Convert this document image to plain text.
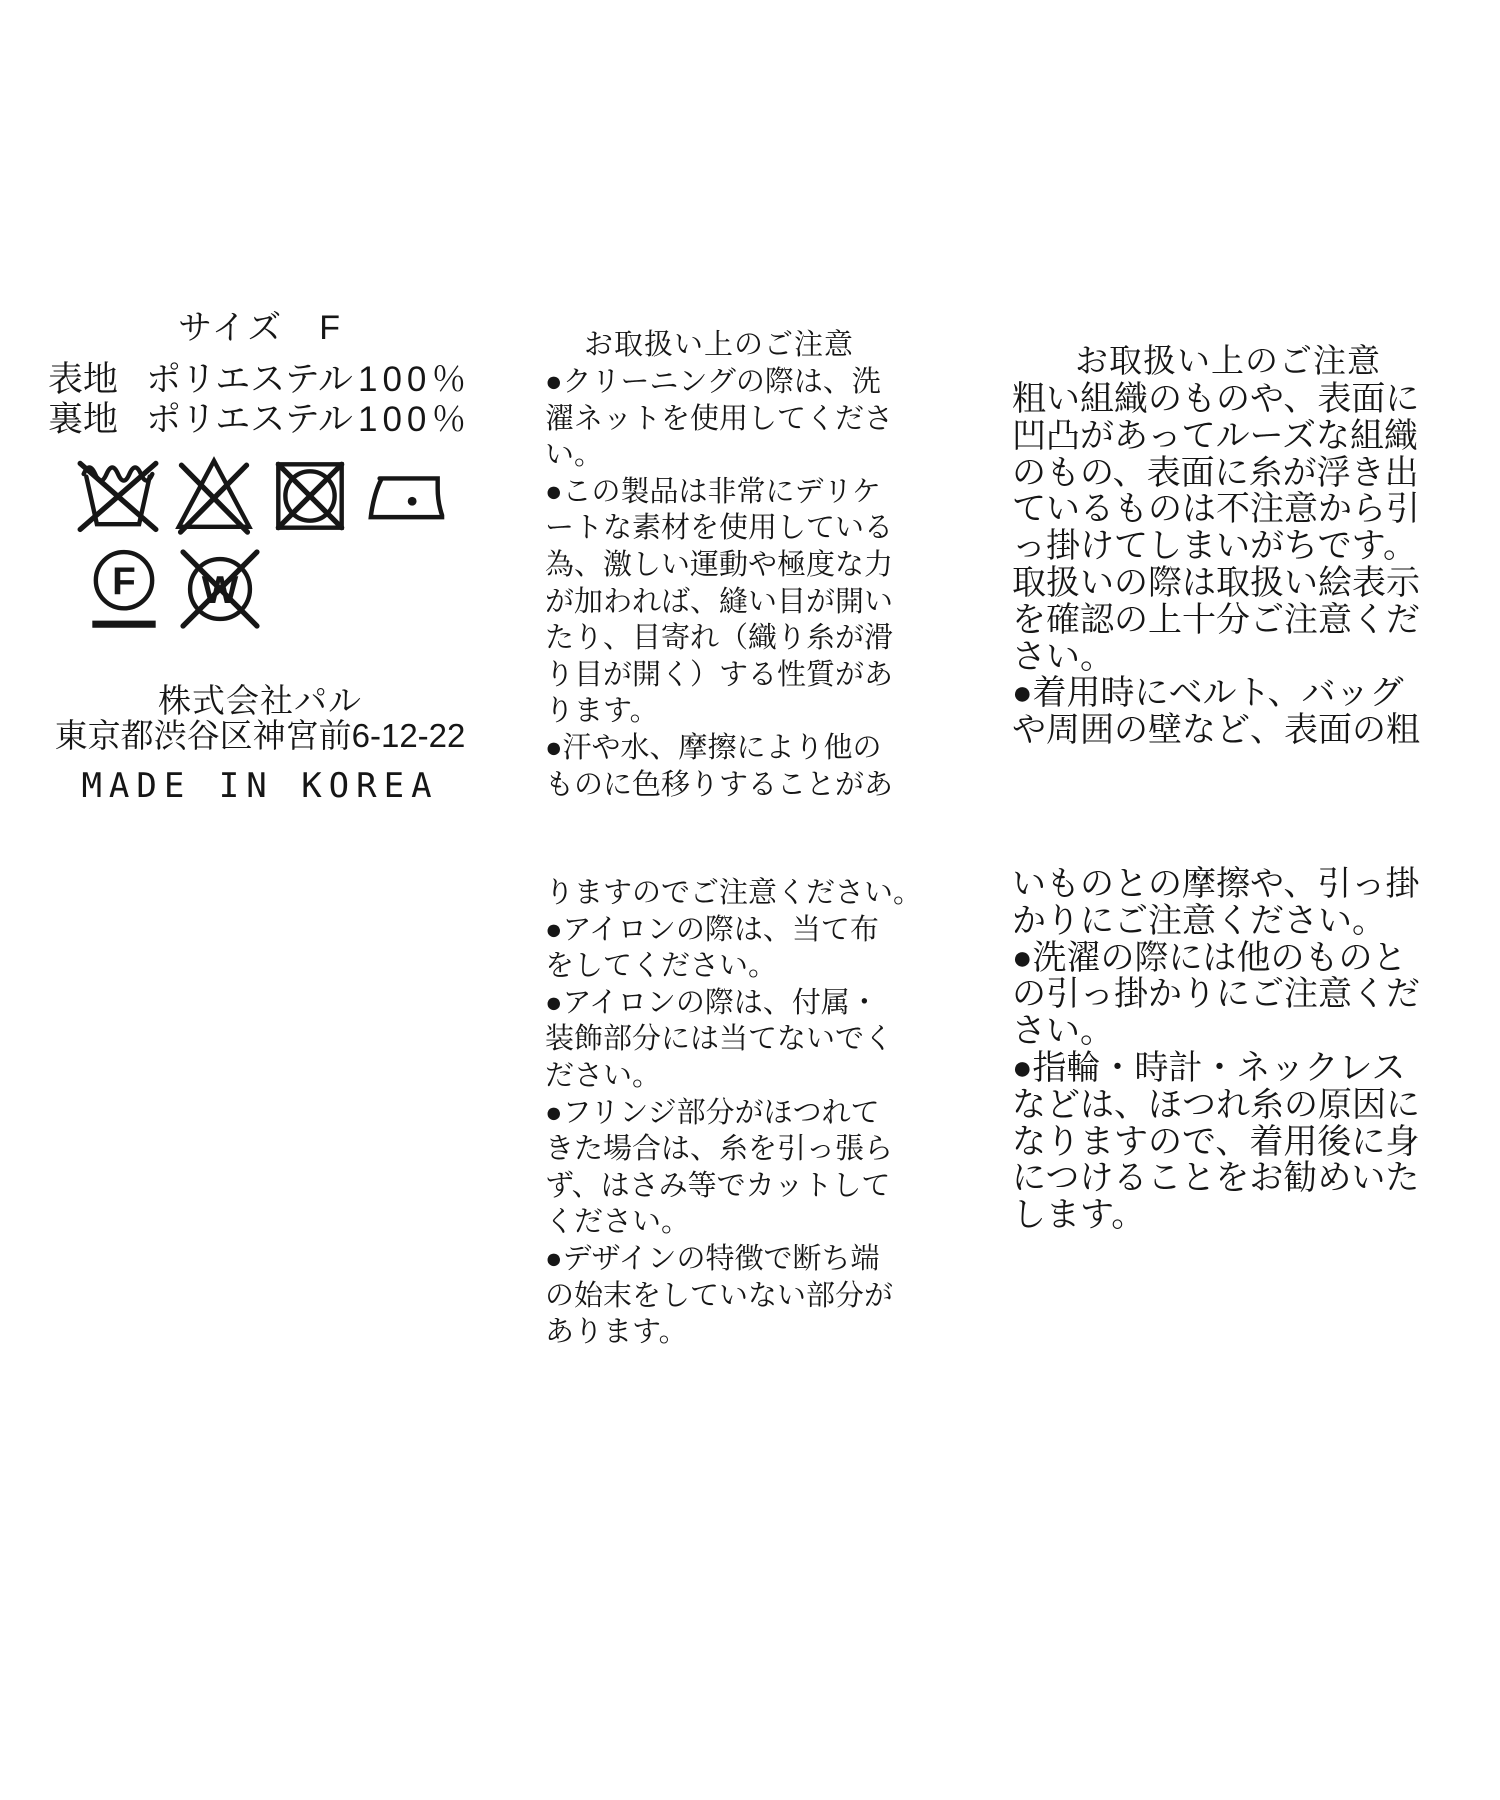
サイズ　F
表地 ポリエステル 100％
裏地 ポリエステル 100％
F W
株式会社パル
東京都渋谷区神宮前6-12-22
MADE IN KOREA
お取扱い上のご注意
●クリーニングの際は、洗
濯ネットを使用してくださ
い。
●この製品は非常にデリケ
ートな素材を使用している
為、激しい運動や極度な力
が加われば、縫い目が開い
たり、目寄れ（織り糸が滑
り目が開く）する性質があ
ります。
●汗や水、摩擦により他の
ものに色移りすることがあ
りますのでご注意ください。
●アイロンの際は、当て布
をしてください。
●アイロンの際は、付属・
装飾部分には当てないでく
ださい。
●フリンジ部分がほつれて
きた場合は、糸を引っ張ら
ず、はさみ等でカットして
ください。
●デザインの特徴で断ち端
の始末をしていない部分が
あります。
お取扱い上のご注意
粗い組織のものや、表面に
凹凸があってルーズな組織
のもの、表面に糸が浮き出
ているものは不注意から引
っ掛けてしまいがちです。
取扱いの際は取扱い絵表示
を確認の上十分ご注意くだ
さい。
●着用時にベルト、バッグ
や周囲の壁など、表面の粗
いものとの摩擦や、引っ掛
かりにご注意ください。
●洗濯の際には他のものと
の引っ掛かりにご注意くだ
さい。
●指輪・時計・ネックレス
などは、ほつれ糸の原因に
なりますので、着用後に身
につけることをお勧めいた
します。
